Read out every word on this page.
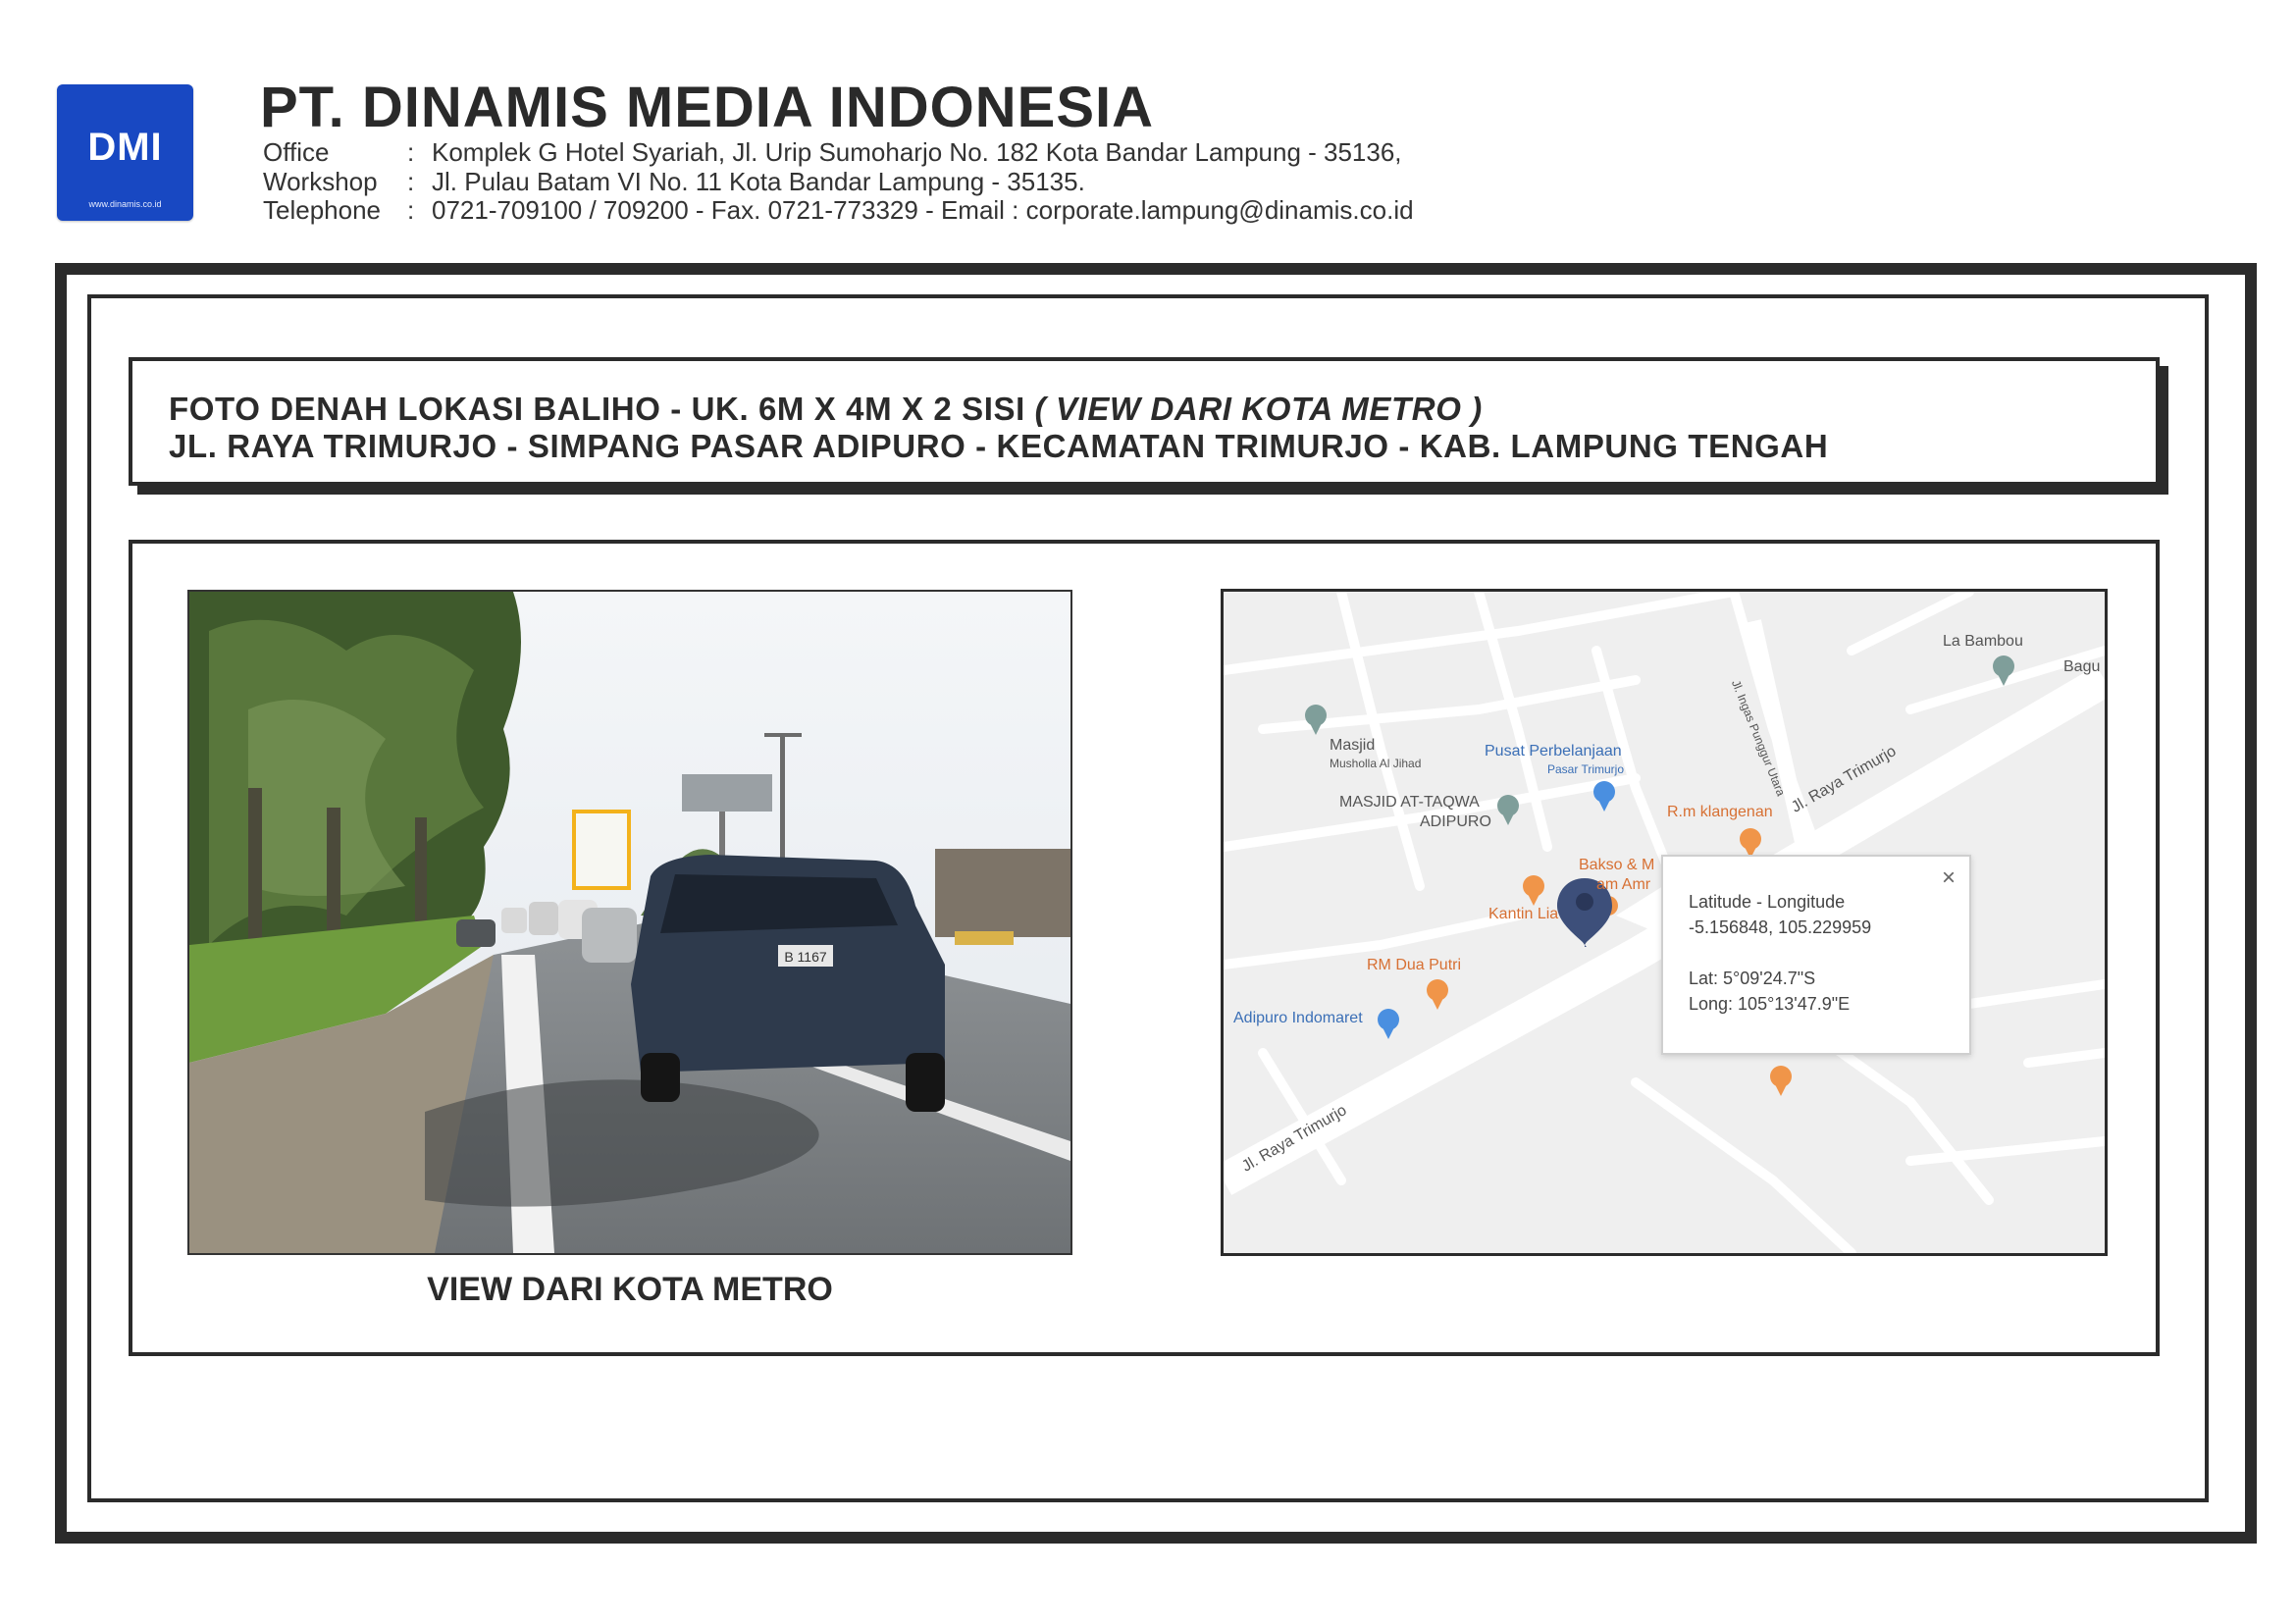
DMI
www.dinamis.co.id
PT. DINAMIS MEDIA INDONESIA
Office	: Komplek G Hotel Syariah, Jl. Urip Sumoharjo No. 182 Kota Bandar Lampung - 35136,
Workshop : Jl. Pulau Batam VI No. 11 Kota Bandar Lampung - 35135.
Telephone : 0721-709100 / 709200 - Fax. 0721-773329 - Email : corporate.lampung@dinamis.co.id
FOTO DENAH LOKASI BALIHO - UK. 6M X 4M X 2 SISI ( VIEW DARI KOTA METRO )
JL. RAYA TRIMURJO - SIMPANG PASAR ADIPURO - KECAMATAN TRIMURJO - KAB. LAMPUNG TENGAH
B 1167
VIEW DARI KOTA METRO
La Bambou
Bagu
Masjid
Musholla Al Jihad
Pusat Perbelanjaan
Pasar Trimurjo
MASJID AT-TAQWA
ADIPURO
R.m klangenan
Bakso & M
am Amr
Kantin Lia
RM Dua Putri
Adipuro Indomaret
Jl. Raya Trimurjo
Jl. Raya Trimurjo
Jl. Ingas Punggur Utara
×
Latitude - Longitude
-5.156848, 105.229959
Lat: 5°09'24.7"S
Long: 105°13'47.9"E
